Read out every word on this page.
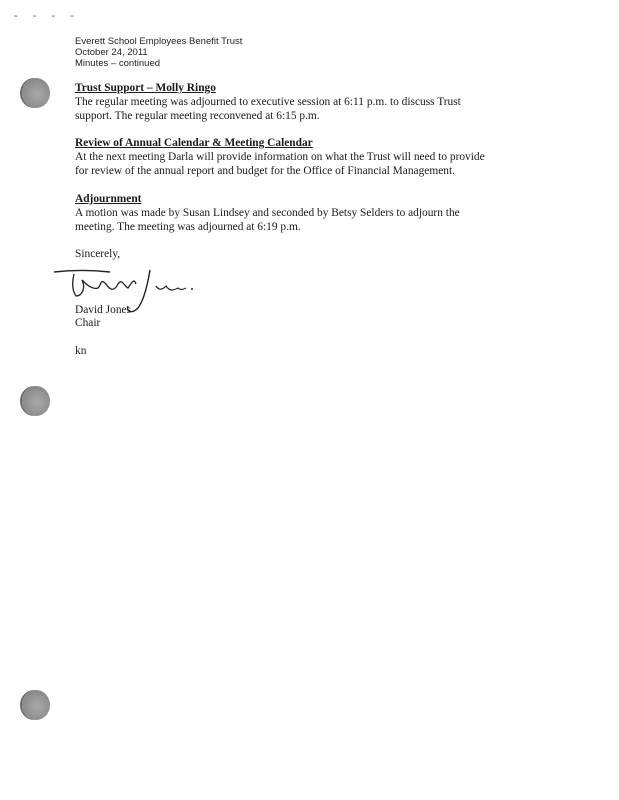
- - - -
Everett School Employees Benefit Trust
October 24, 2011
Minutes – continued
Trust Support – Molly Ringo
The regular meeting was adjourned to executive session at 6:11 p.m. to discuss Trust
support. The regular meeting reconvened at 6:15 p.m.
Review of Annual Calendar & Meeting Calendar
At the next meeting Darla will provide information on what the Trust will need to provide
for review of the annual report and budget for the Office of Financial Management.
Adjournment
A motion was made by Susan Lindsey and seconded by Betsy Selders to adjourn the
meeting. The meeting was adjourned at 6:19 p.m.
Sincerely,
David Jones
Chair
kn
